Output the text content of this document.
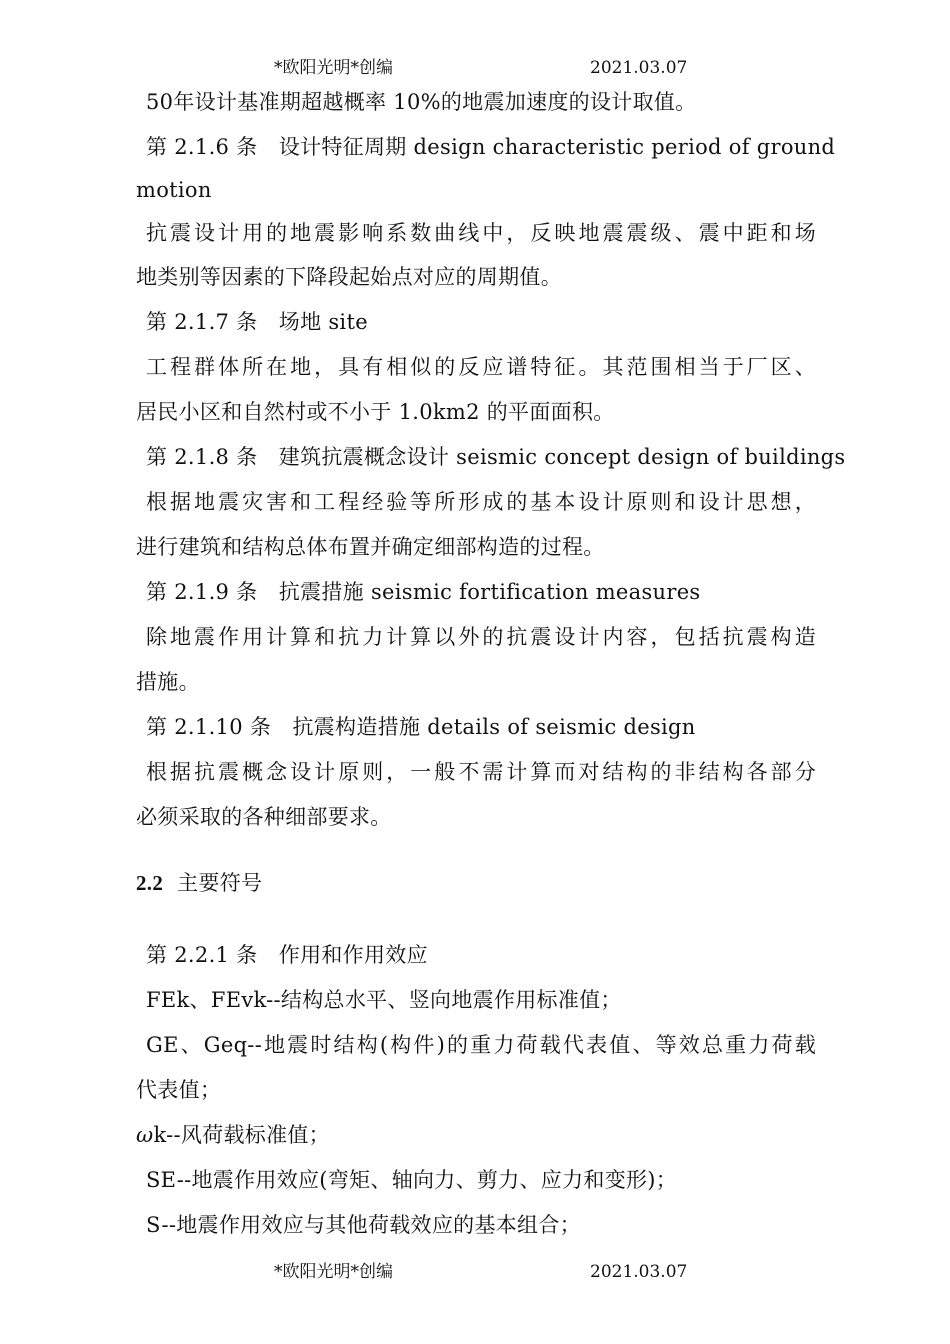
*欧阳光明*创编	2021.03.07
50年设计基准期超越概率 10%的地震加速度的设计取值。
第 2.1.6 条　设计特征周期 design characteristic period of ground
motion
抗震设计用的地震影响系数曲线中，反映地震震级、震中距和场
地类别等因素的下降段起始点对应的周期值。
第 2.1.7 条　场地 site
工程群体所在地，具有相似的反应谱特征。其范围相当于厂区、
居民小区和自然村或不小于 1.0km2 的平面面积。
第 2.1.8 条　建筑抗震概念设计 seismic concept design of buildings
根据地震灾害和工程经验等所形成的基本设计原则和设计思想，
进行建筑和结构总体布置并确定细部构造的过程。
第 2.1.9 条　抗震措施 seismic fortification measures
除地震作用计算和抗力计算以外的抗震设计内容，包括抗震构造
措施。
第 2.1.10 条　抗震构造措施 details of seismic design
根据抗震概念设计原则，一般不需计算而对结构的非结构各部分
必须采取的各种细部要求。
2.2 主要符号
第 2.2.1 条　作用和作用效应
FEk、FEvk--结构总水平、竖向地震作用标准值；
GE、Geq--地震时结构(构件)的重力荷载代表值、等效总重力荷载
代表值；
ωk--风荷载标准值；
SE--地震作用效应(弯矩、轴向力、剪力、应力和变形)；
S--地震作用效应与其他荷载效应的基本组合；
*欧阳光明*创编	2021.03.07
